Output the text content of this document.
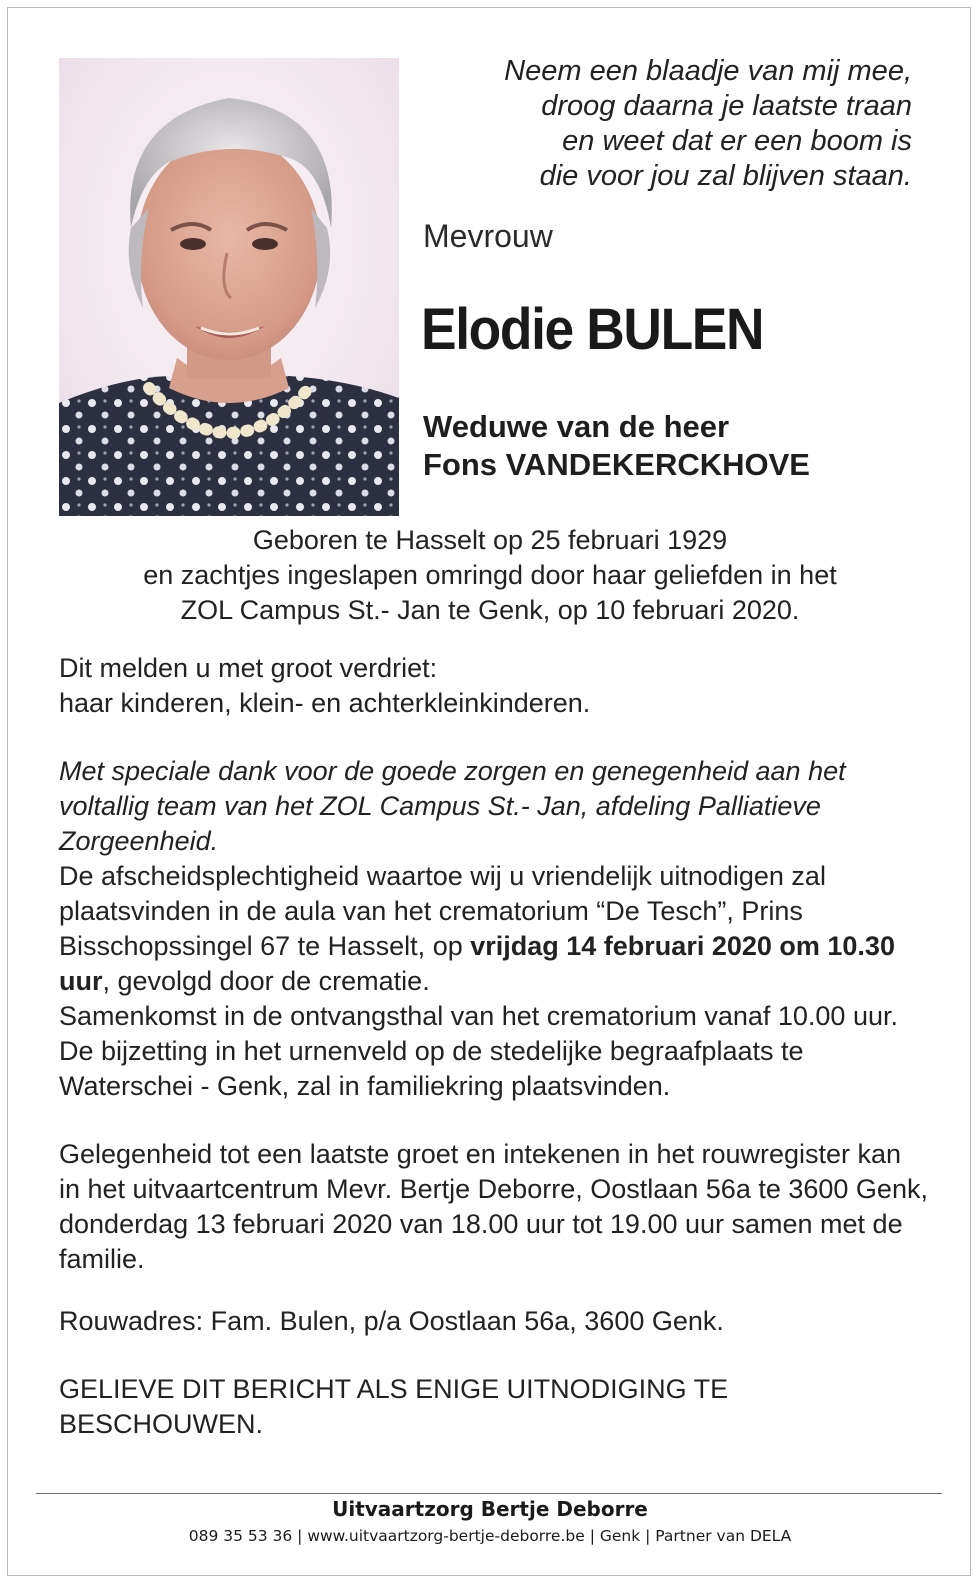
Neem een blaadje van mij mee,
droog daarna je laatste traan
en weet dat er een boom is
die voor jou zal blijven staan.
Mevrouw
Elodie BULEN
Weduwe van de heer
Fons VANDEKERCKHOVE
Geboren te Hasselt op 25 februari 1929
en zachtjes ingeslapen omringd door haar geliefden in het
ZOL Campus St.- Jan te Genk, op 10 februari 2020.

Dit melden u met groot verdriet:

haar kinderen, klein- en achterkleinkinderen.

Met speciale dank voor de goede zorgen en genegenheid aan het voltallig team van het ZOL Campus St.- Jan, afdeling Palliatieve Zorgeenheid.

De afscheidsplechtigheid waartoe wij u vriendelijk uitnodigen zal plaatsvinden in de aula van het crematorium “De Tesch”, Prins Bisschopssingel 67 te Hasselt, op vrijdag 14 februari 2020 om 10.30 uur, gevolgd door de crematie.

Samenkomst in de ontvangsthal van het crematorium vanaf 10.00 uur.

De bijzetting in het urnenveld op de stedelijke begraafplaats te Waterschei - Genk, zal in familiekring plaatsvinden.

Gelegenheid tot een laatste groet en intekenen in het rouwregister kan in het uitvaartcentrum Mevr. Bertje Deborre, Oostlaan 56a te 3600 Genk, donderdag 13 februari 2020 van 18.00 uur tot 19.00 uur samen met de familie.

Rouwadres: Fam. Bulen, p/a Oostlaan 56a, 3600 Genk.

GELIEVE DIT BERICHT ALS ENIGE UITNODIGING TE BESCHOUWEN.

Uitvaartzorg Bertje Deborre
089 35 53 36 | www.uitvaartzorg-bertje-deborre.be | Genk | Partner van DELA
